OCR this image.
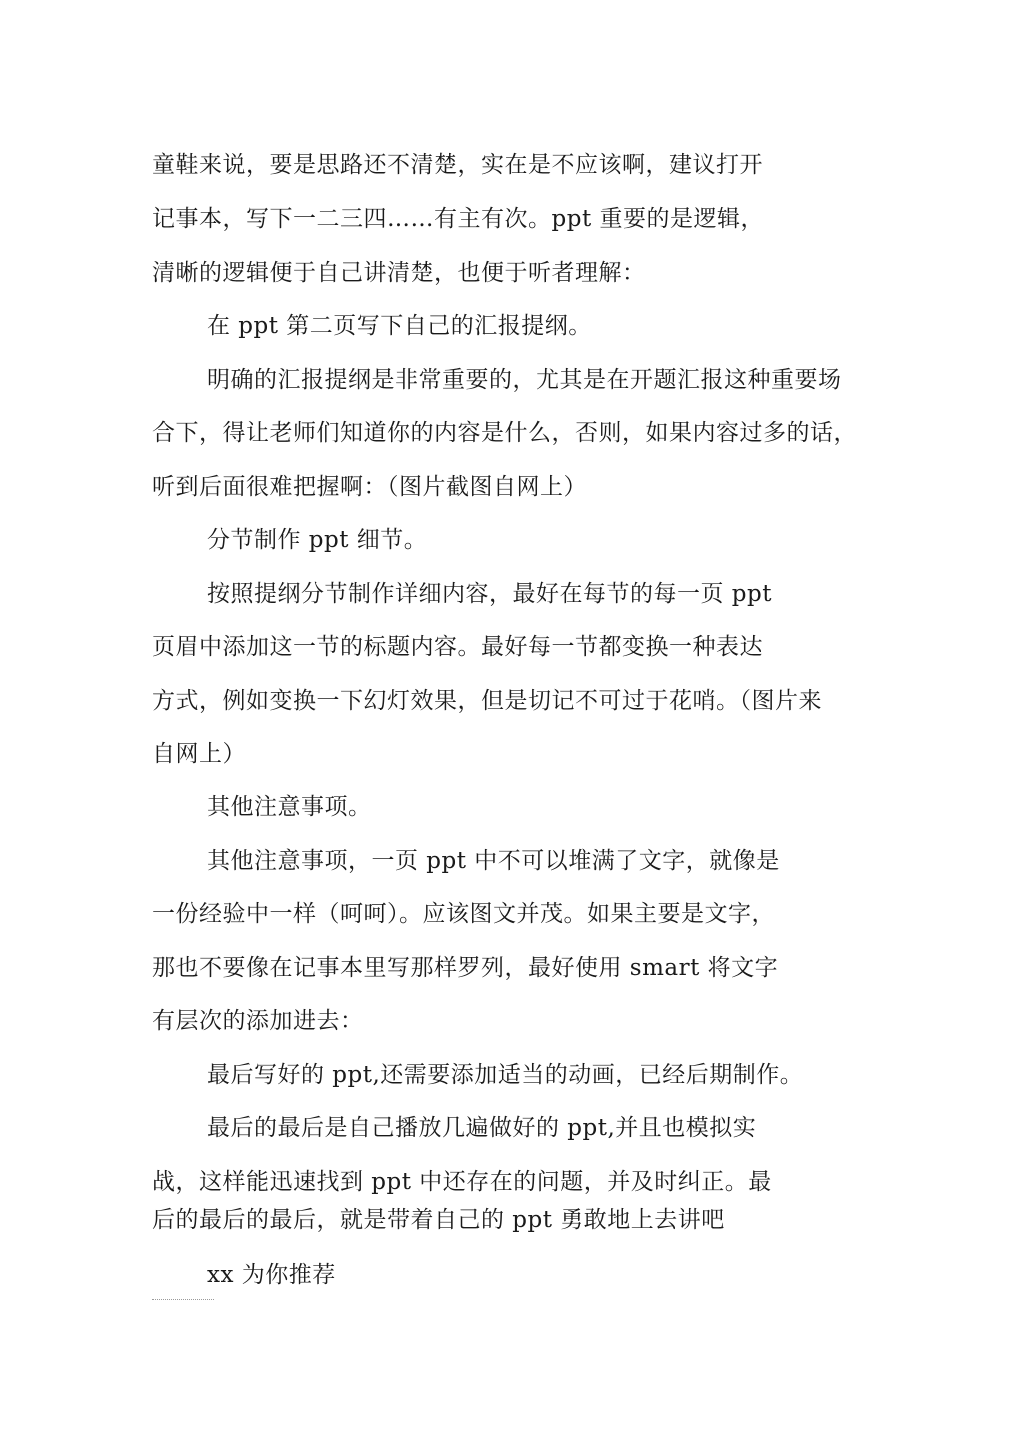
童鞋来说，要是思路还不清楚，实在是不应该啊，建议打开
记事本，写下一二三四……有主有次。ppt 重要的是逻辑，
清晰的逻辑便于自己讲清楚，也便于听者理解：
在 ppt 第二页写下自己的汇报提纲。
明确的汇报提纲是非常重要的，尤其是在开题汇报这种重要场
合下，得让老师们知道你的内容是什么，否则，如果内容过多的话，
听到后面很难把握啊：（图片截图自网上）
分节制作 ppt 细节。
按照提纲分节制作详细内容，最好在每节的每一页 ppt
页眉中添加这一节的标题内容。最好每一节都变换一种表达
方式，例如变换一下幻灯效果，但是切记不可过于花哨。（图片来
自网上）
其他注意事项。
其他注意事项，一页 ppt 中不可以堆满了文字，就像是
一份经验中一样（呵呵）。应该图文并茂。如果主要是文字，
那也不要像在记事本里写那样罗列，最好使用 smart 将文字
有层次的添加进去：
最后写好的 ppt,还需要添加适当的动画，已经后期制作。
最后的最后是自己播放几遍做好的 ppt,并且也模拟实
战，这样能迅速找到 ppt 中还存在的问题，并及时纠正。最
后的最后的最后，就是带着自己的 ppt 勇敢地上去讲吧
xx 为你推荐
